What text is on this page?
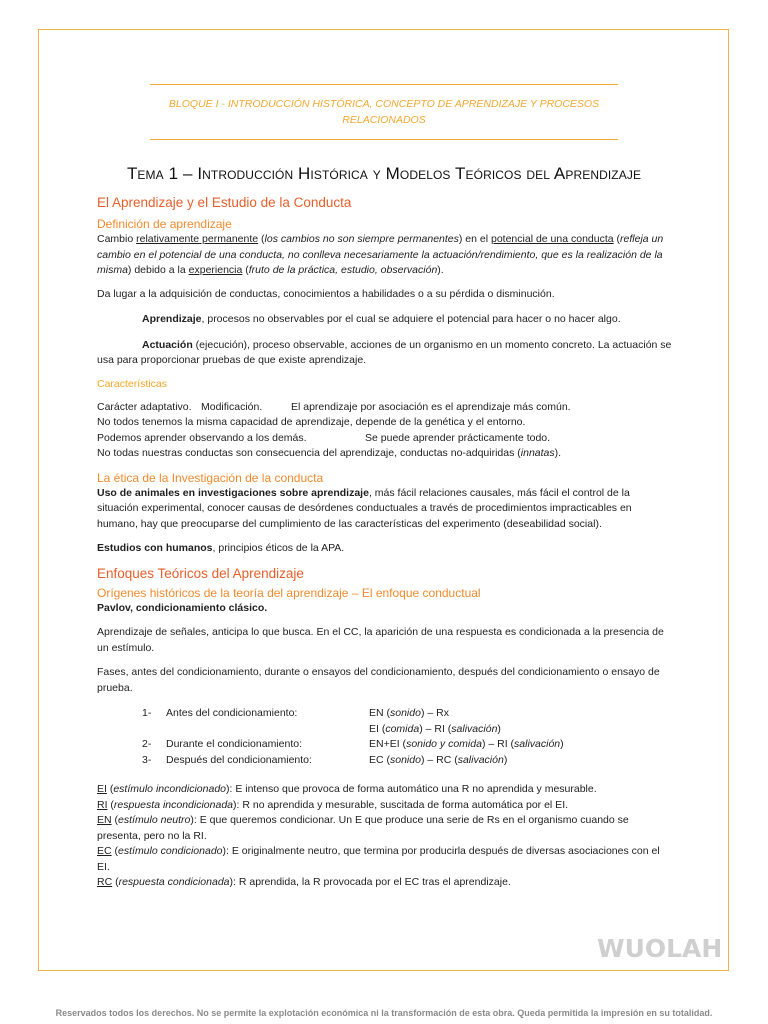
BLOQUE I - INTRODUCCIÓN HISTÓRICA, CONCEPTO DE APRENDIZAJE Y PROCESOS
RELACIONADOS
Tema 1 – Introducción Histórica y Modelos Teóricos del Aprendizaje
El Aprendizaje y el Estudio de la Conducta
Definición de aprendizaje
Cambio relativamente permanente (los cambios no son siempre permanentes) en el potencial de una conducta (refleja un cambio en el potencial de una conducta, no conlleva necesariamente la actuación/rendimiento, que es la realización de la misma) debido a la experiencia (fruto de la práctica, estudio, observación).
Da lugar a la adquisición de conductas, conocimientos a habilidades o a su pérdida o disminución.
Aprendizaje, procesos no observables por el cual se adquiere el potencial para hacer o no hacer algo.
Actuación (ejecución), proceso observable, acciones de un organismo en un momento concreto. La actuación se usa para proporcionar pruebas de que existe aprendizaje.
Características
Carácter adaptativo. Modificación.	El aprendizaje por asociación es el aprendizaje más común.
No todos tenemos la misma capacidad de aprendizaje, depende de la genética y el entorno.
Podemos aprender observando a los demás.	Se puede aprender prácticamente todo.
No todas nuestras conductas son consecuencia del aprendizaje, conductas no-adquiridas (innatas).
La ética de la Investigación de la conducta
Uso de animales en investigaciones sobre aprendizaje, más fácil relaciones causales, más fácil el control de la situación experimental, conocer causas de desórdenes conductuales a través de procedimientos impracticables en humano, hay que preocuparse del cumplimiento de las características del experimento (deseabilidad social).
Estudios con humanos, principios éticos de la APA.
Enfoques Teóricos del Aprendizaje
Orígenes históricos de la teoría del aprendizaje – El enfoque conductual
Pavlov, condicionamiento clásico.
Aprendizaje de señales, anticipa lo que busca. En el CC, la aparición de una respuesta es condicionada a la presencia de un estímulo.
Fases, antes del condicionamiento, durante o ensayos del condicionamiento, después del condicionamiento o ensayo de prueba.
1-	Antes del condicionamiento:	EN (sonido) – Rx
EI (comida) – RI (salivación)
2-	Durante el condicionamiento:	EN+EI (sonido y comida) – RI (salivación)
3-	Después del condicionamiento:	EC (sonido) – RC (salivación)
EI (estímulo incondicionado): E intenso que provoca de forma automático una R no aprendida y mesurable.
RI (respuesta incondicionada): R no aprendida y mesurable, suscitada de forma automática por el EI.
EN (estímulo neutro): E que queremos condicionar. Un E que produce una serie de Rs en el organismo cuando se presenta, pero no la RI.
EC (estímulo condicionado): E originalmente neutro, que termina por producirla después de diversas asociaciones con el EI.
RC (respuesta condicionada): R aprendida, la R provocada por el EC tras el aprendizaje.
WUOLAH
Reservados todos los derechos. No se permite la explotación económica ni la transformación de esta obra. Queda permitida la impresión en su totalidad.
